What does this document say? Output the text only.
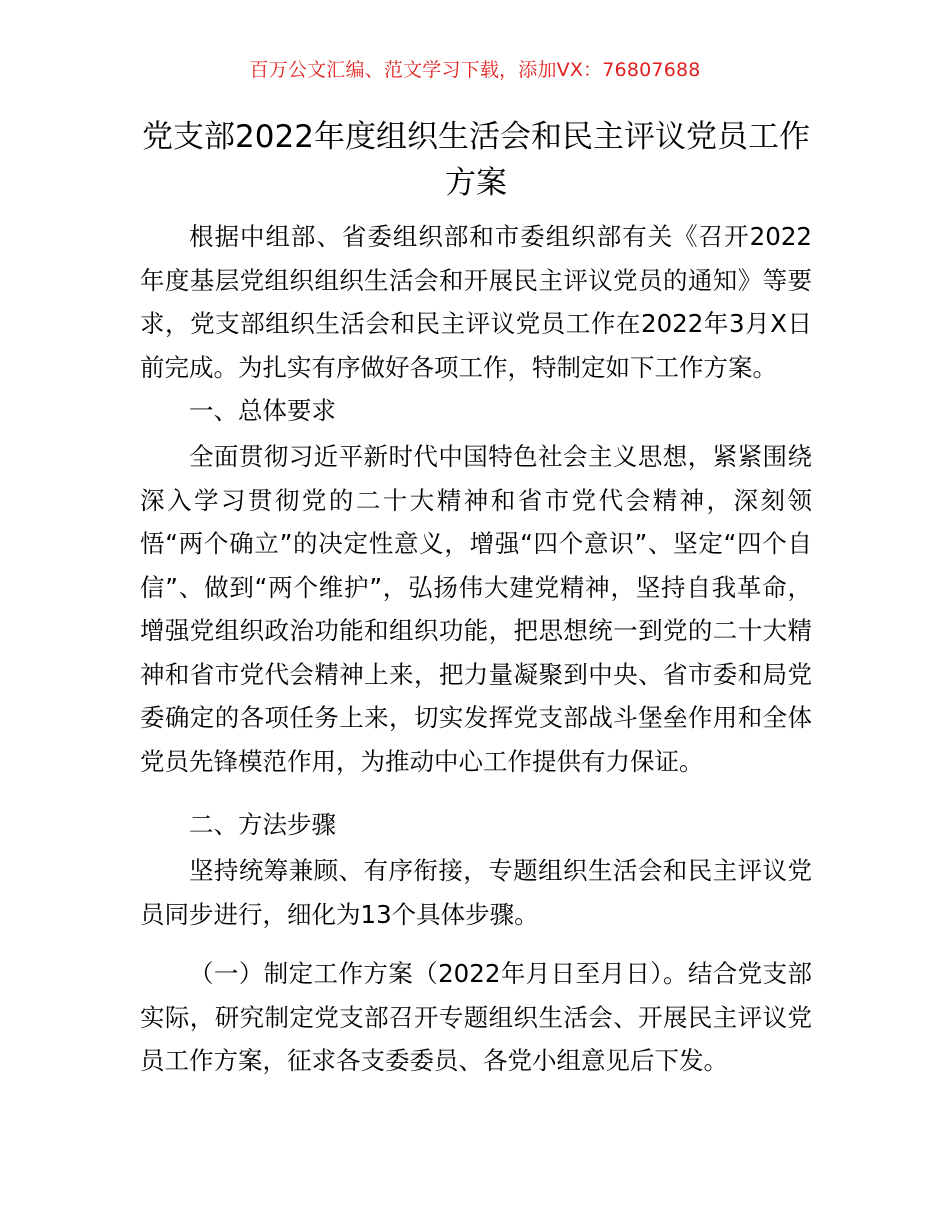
百万公文汇编、范文学习下载，添加VX：76807688
党支部2022年度组织生活会和民主评议党员工作方案

根据中组部、省委组织部和市委组织部有关《召开2022年度基层党组织组织生活会和开展民主评议党员的通知》等要求，党支部组织生活会和民主评议党员工作在2022年3月X日前完成。为扎实有序做好各项工作，特制定如下工作方案。

一、总体要求

全面贯彻习近平新时代中国特色社会主义思想，紧紧围绕深入学习贯彻党的二十大精神和省市党代会精神，深刻领悟“两个确立”的决定性意义，增强“四个意识”、坚定“四个自信”、做到“两个维护”，弘扬伟大建党精神，坚持自我革命，增强党组织政治功能和组织功能，把思想统一到党的二十大精神和省市党代会精神上来，把力量凝聚到中央、省市委和局党委确定的各项任务上来，切实发挥党支部战斗堡垒作用和全体党员先锋模范作用，为推动中心工作提供有力保证。

二、方法步骤

坚持统筹兼顾、有序衔接，专题组织生活会和民主评议党员同步进行，细化为13个具体步骤。

（一）制定工作方案（2022年月日至月日）。结合党支部实际，研究制定党支部召开专题组织生活会、开展民主评议党员工作方案，征求各支委委员、各党小组意见后下发。
